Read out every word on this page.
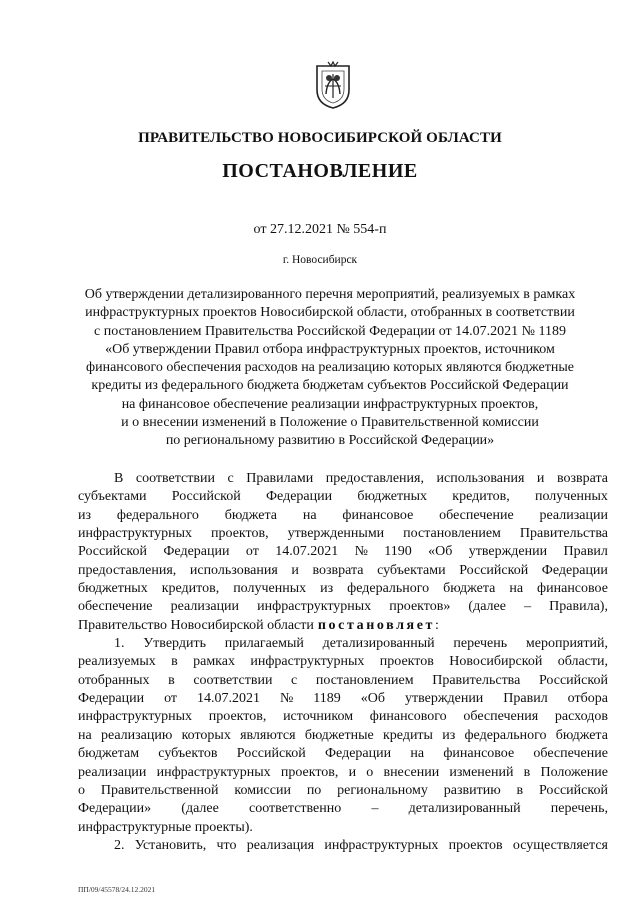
ПРАВИТЕЛЬСТВО НОВОСИБИРСКОЙ ОБЛАСТИ
ПОСТАНОВЛЕНИЕ
от 27.12.2021 № 554-п
г. Новосибирск
Об утверждении детализированного перечня мероприятий, реализуемых в рамках
инфраструктурных проектов Новосибирской области, отобранных в соответствии
с постановлением Правительства Российской Федерации от 14.07.2021 № 1189
«Об утверждении Правил отбора инфраструктурных проектов, источником
финансового обеспечения расходов на реализацию которых являются бюджетные
кредиты из федерального бюджета бюджетам субъектов Российской Федерации
на финансовое обеспечение реализации инфраструктурных проектов,
и о внесении изменений в Положение о Правительственной комиссии
по региональному развитию в Российской Федерации»
В соответствии с Правилами предоставления, использования и возврата
субъектами Российской Федерации бюджетных кредитов, полученных
из федерального бюджета на финансовое обеспечение реализации
инфраструктурных проектов, утвержденными постановлением Правительства
Российской Федерации от 14.07.2021 № 1190 «Об утверждении Правил
предоставления, использования и возврата субъектами Российской Федерации
бюджетных кредитов, полученных из федерального бюджета на финансовое
обеспечение реализации инфраструктурных проектов» (далее – Правила),
Правительство Новосибирской области постановляет :
1. Утвердить прилагаемый детализированный перечень мероприятий,
реализуемых в рамках инфраструктурных проектов Новосибирской области,
отобранных в соответствии с постановлением Правительства Российской
Федерации от 14.07.2021 № 1189 «Об утверждении Правил отбора
инфраструктурных проектов, источником финансового обеспечения расходов
на реализацию которых являются бюджетные кредиты из федерального бюджета
бюджетам субъектов Российской Федерации на финансовое обеспечение
реализации инфраструктурных проектов, и о внесении изменений в Положение
о Правительственной комиссии по региональному развитию в Российской
Федерации» (далее соответственно – детализированный перечень,
инфраструктурные проекты).
2. Установить, что реализация инфраструктурных проектов осуществляется
ПП/09/45578/24.12.2021
